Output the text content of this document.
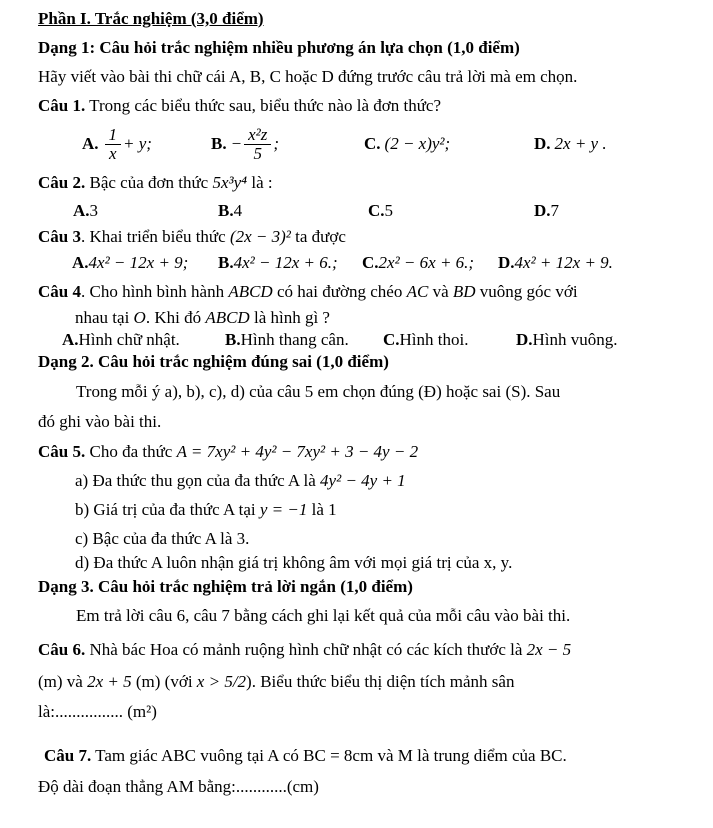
Phần I. Trắc nghiệm (3,0 điểm)
Dạng 1: Câu hỏi trắc nghiệm nhiều phương án lựa chọn (1,0 điểm)
Hãy viết vào bài thi chữ cái A, B, C hoặc D đứng trước câu trả lời mà em chọn.
Câu 1. Trong các biểu thức sau, biểu thức nào là đơn thức?
A. $\frac{1}{x} + y$;	B. − $\frac{\text{x²z}}{5}$ ;	C. (2 − x)y²;	D. 2x + y .
Câu 2. Bậc của đơn thức 5x³y⁴ là :
A. 3	B. 4	C. 5	D. 7
Câu 3. Khai triển biểu thức (2x − 3)² ta được
A. 4x² − 12x + 9; B. 4x² − 12x + 6.; C. 2x² − 6x + 6.; D. 4x² + 12x + 9.
Câu 4. Cho hình bình hành ABCD có hai đường chéo AC và BD vuông góc với
nhau tại O. Khi đó ABCD là hình gì ?
A. Hình chữ nhật.	B. Hình thang cân. C. Hình thoi.	D. Hình vuông.
Dạng 2. Câu hỏi trắc nghiệm đúng sai (1,0 điểm)
Trong mỗi ý a), b), c), d) của câu 5 em chọn đúng (Đ) hoặc sai (S). Sau
đó ghi vào bài thi.
Câu 5. Cho đa thức A = 7xy² + 4y² − 7xy² + 3 − 4y − 2
a) Đa thức thu gọn của đa thức A là 4y² − 4y + 1
b) Giá trị của đa thức A tại y = −1 là 1
c) Bậc của đa thức A là 3.
d) Đa thức A luôn nhận giá trị không âm với mọi giá trị của x, y.
Dạng 3. Câu hỏi trắc nghiệm trả lời ngắn (1,0 điểm)
Em trả lời câu 6, câu 7 bằng cách ghi lại kết quả của mỗi câu vào bài thi.
Câu 6. Nhà bác Hoa có mảnh ruộng hình chữ nhật có các kích thước là 2x − 5
(m) và 2x + 5 (m) (với x > 5/2). Biểu thức biểu thị diện tích mảnh sân
là:................ (m²)
Câu 7. Tam giác ABC vuông tại A có BC = 8cm và M là trung diểm của BC.
Độ dài đoạn thẳng AM bằng:............(cm)
